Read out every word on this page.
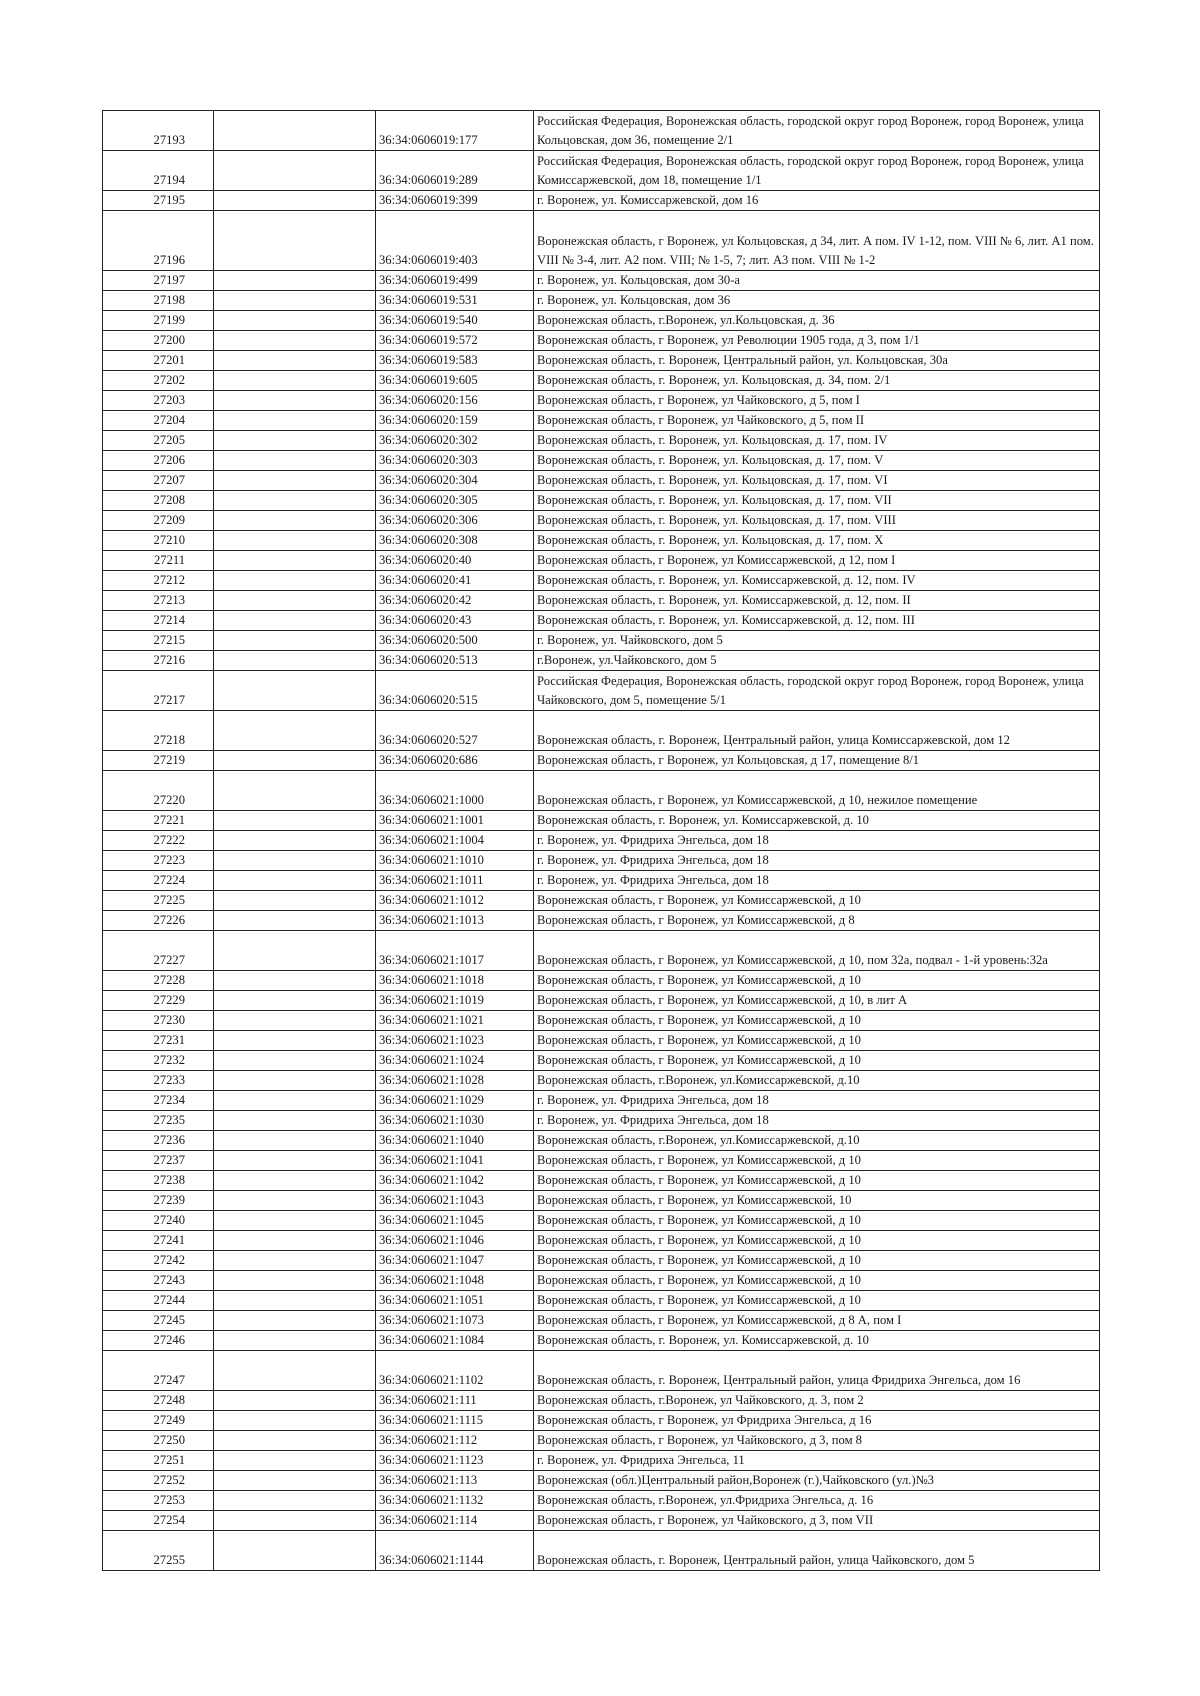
27193		36:34:0606019:177	Российская Федерация, Воронежская область, городской округ город Воронеж, город Воронеж, улица Кольцовская, дом 36, помещение 2/1
27194		36:34:0606019:289	Российская Федерация, Воронежская область, городской округ город Воронеж, город Воронеж, улица Комиссаржевской, дом 18, помещение 1/1
27195		36:34:0606019:399	г. Воронеж, ул. Комиссаржевской, дом 16
27196		36:34:0606019:403	Воронежская область, г Воронеж, ул Кольцовская, д 34, лит. А пом. IV 1-12, пом. VIII № 6, лит. А1 пом. VIII № 3-4, лит. А2 пом. VIII; № 1-5, 7; лит. А3 пом. VIII № 1-2
27197		36:34:0606019:499	г. Воронеж, ул. Кольцовская, дом 30-а
27198		36:34:0606019:531	г. Воронеж, ул. Кольцовская, дом 36
27199		36:34:0606019:540	Воронежская область, г.Воронеж, ул.Кольцовская, д. 36
27200		36:34:0606019:572	Воронежская область, г Воронеж, ул Революции 1905 года, д 3, пом 1/1
27201		36:34:0606019:583	Воронежская область, г. Воронеж, Центральный район, ул. Кольцовская, 30а
27202		36:34:0606019:605	Воронежская область, г. Воронеж, ул. Кольцовская, д. 34, пом. 2/1
27203		36:34:0606020:156	Воронежская область, г Воронеж, ул Чайковского, д 5, пом I
27204		36:34:0606020:159	Воронежская область, г Воронеж, ул Чайковского, д 5, пом II
27205		36:34:0606020:302	Воронежская область, г. Воронеж, ул. Кольцовская, д. 17, пом. IV
27206		36:34:0606020:303	Воронежская область, г. Воронеж, ул. Кольцовская, д. 17, пом. V
27207		36:34:0606020:304	Воронежская область, г. Воронеж, ул. Кольцовская, д. 17, пом. VI
27208		36:34:0606020:305	Воронежская область, г. Воронеж, ул. Кольцовская, д. 17, пом. VII
27209		36:34:0606020:306	Воронежская область, г. Воронеж, ул. Кольцовская, д. 17, пом. VIII
27210		36:34:0606020:308	Воронежская область, г. Воронеж, ул. Кольцовская, д. 17, пом. X
27211		36:34:0606020:40	Воронежская область, г Воронеж, ул Комиссаржевской, д 12, пом I
27212		36:34:0606020:41	Воронежская область, г. Воронеж, ул. Комиссаржевской, д. 12, пом. IV
27213		36:34:0606020:42	Воронежская область, г. Воронеж, ул. Комиссаржевской, д. 12, пом. II
27214		36:34:0606020:43	Воронежская область, г. Воронеж, ул. Комиссаржевской, д. 12, пом. III
27215		36:34:0606020:500	г. Воронеж, ул. Чайковского, дом 5
27216		36:34:0606020:513	г.Воронеж, ул.Чайковского, дом 5
27217		36:34:0606020:515	Российская Федерация, Воронежская область, городской округ город Воронеж, город Воронеж, улица Чайковского, дом 5, помещение 5/1
27218		36:34:0606020:527	Воронежская область, г. Воронеж, Центральный район, улица Комиссаржевской, дом 12
27219		36:34:0606020:686	Воронежская область, г Воронеж, ул Кольцовская, д 17, помещение 8/1
27220		36:34:0606021:1000	Воронежская область, г Воронеж, ул Комиссаржевской, д 10, нежилое помещение
27221		36:34:0606021:1001	Воронежская область, г. Воронеж, ул. Комиссаржевской, д. 10
27222		36:34:0606021:1004	г. Воронеж, ул. Фридриха Энгельса, дом 18
27223		36:34:0606021:1010	г. Воронеж, ул. Фридриха Энгельса, дом 18
27224		36:34:0606021:1011	г. Воронеж, ул. Фридриха Энгельса, дом 18
27225		36:34:0606021:1012	Воронежская область, г Воронеж, ул Комиссаржевской, д 10
27226		36:34:0606021:1013	Воронежская область, г Воронеж, ул Комиссаржевской, д 8
27227		36:34:0606021:1017	Воронежская область, г Воронеж, ул Комиссаржевской, д 10, пом 32а, подвал - 1-й уровень:32а
27228		36:34:0606021:1018	Воронежская область, г Воронеж, ул Комиссаржевской, д 10
27229		36:34:0606021:1019	Воронежская область, г Воронеж, ул Комиссаржевской, д 10, в лит А
27230		36:34:0606021:1021	Воронежская область, г Воронеж, ул Комиссаржевской, д 10
27231		36:34:0606021:1023	Воронежская область, г Воронеж, ул Комиссаржевской, д 10
27232		36:34:0606021:1024	Воронежская область, г Воронеж, ул Комиссаржевской, д 10
27233		36:34:0606021:1028	Воронежская область, г.Воронеж, ул.Комиссаржевской, д.10
27234		36:34:0606021:1029	г. Воронеж, ул. Фридриха Энгельса, дом 18
27235		36:34:0606021:1030	г. Воронеж, ул. Фридриха Энгельса, дом 18
27236		36:34:0606021:1040	Воронежская область, г.Воронеж, ул.Комиссаржевской, д.10
27237		36:34:0606021:1041	Воронежская область, г Воронеж, ул Комиссаржевской, д 10
27238		36:34:0606021:1042	Воронежская область, г Воронеж, ул Комиссаржевской, д 10
27239		36:34:0606021:1043	Воронежская область, г Воронеж, ул Комиссаржевской, 10
27240		36:34:0606021:1045	Воронежская область, г Воронеж, ул Комиссаржевской, д 10
27241		36:34:0606021:1046	Воронежская область, г Воронеж, ул Комиссаржевской, д 10
27242		36:34:0606021:1047	Воронежская область, г Воронеж, ул Комиссаржевской, д 10
27243		36:34:0606021:1048	Воронежская область, г Воронеж, ул Комиссаржевской, д 10
27244		36:34:0606021:1051	Воронежская область, г Воронеж, ул Комиссаржевской, д 10
27245		36:34:0606021:1073	Воронежская область, г Воронеж, ул Комиссаржевской, д 8 А, пом I
27246		36:34:0606021:1084	Воронежская область, г. Воронеж, ул. Комиссаржевской, д. 10
27247		36:34:0606021:1102	Воронежская область, г. Воронеж, Центральный район, улица Фридриха Энгельса, дом 16
27248		36:34:0606021:111	Воронежская область, г.Воронеж, ул Чайковского, д. 3, пом 2
27249		36:34:0606021:1115	Воронежская область, г Воронеж, ул Фридриха Энгельса, д 16
27250		36:34:0606021:112	Воронежская область, г Воронеж, ул Чайковского, д 3, пом 8
27251		36:34:0606021:1123	г. Воронеж, ул. Фридриха Энгельса, 11
27252		36:34:0606021:113	Воронежская (обл.)Центральный район,Воронеж (г.),Чайковского (ул.)№3
27253		36:34:0606021:1132	Воронежская область, г.Воронеж, ул.Фридриха Энгельса, д. 16
27254		36:34:0606021:114	Воронежская область, г Воронеж, ул Чайковского, д 3, пом VII
27255		36:34:0606021:1144	Воронежская область, г. Воронеж, Центральный район, улица Чайковского, дом 5
